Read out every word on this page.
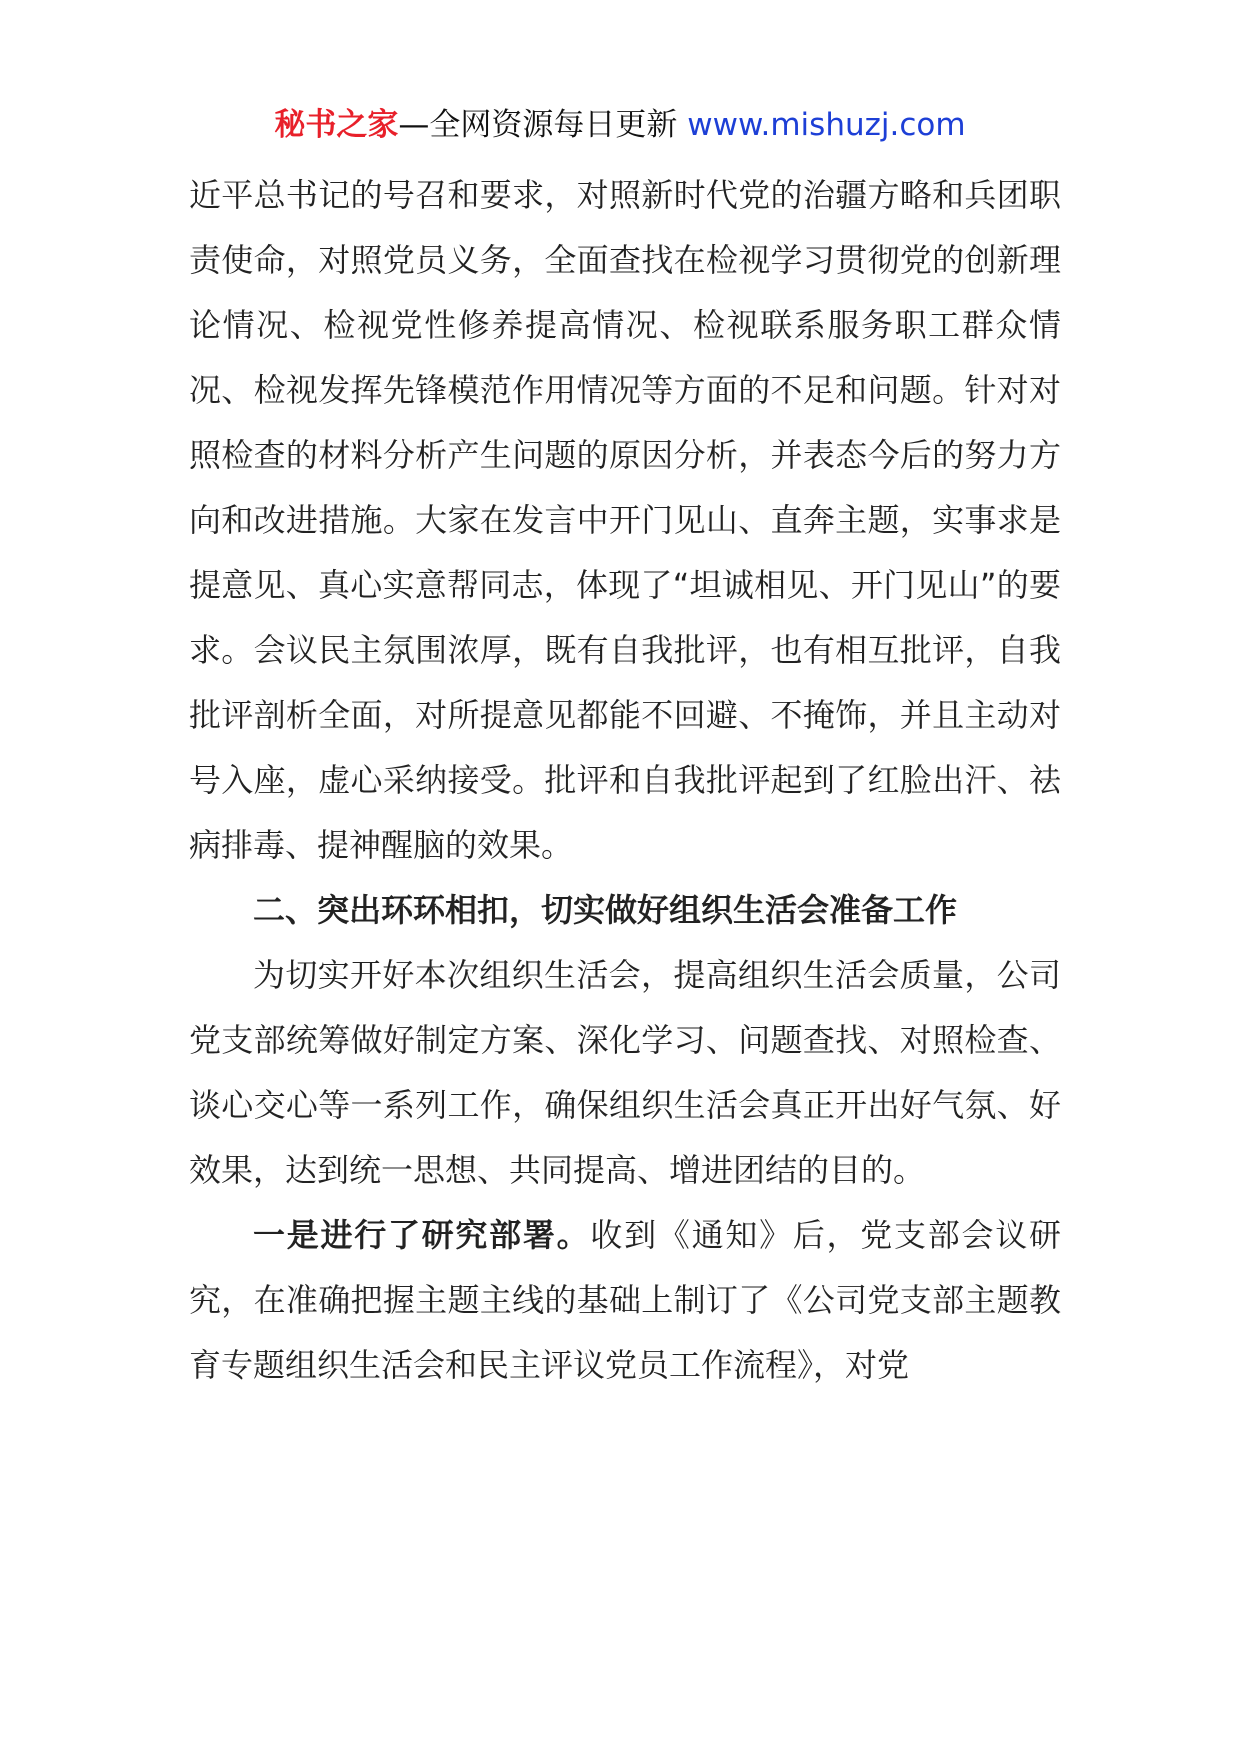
秘书之家—全网资源每日更新 www.mishuzj.com

近平总书记的号召和要求，对照新时代党的治疆方略和兵团职责使命，对照党员义务，全面查找在检视学习贯彻党的创新理论情况、检视党性修养提高情况、检视联系服务职工群众情况、检视发挥先锋模范作用情况等方面的不足和问题。针对对照检查的材料分析产生问题的原因分析，并表态今后的努力方向和改进措施。大家在发言中开门见山、直奔主题，实事求是提意见、真心实意帮同志，体现了“坦诚相见、开门见山”的要求。会议民主氛围浓厚，既有自我批评，也有相互批评，自我批评剖析全面，对所提意见都能不回避、不掩饰，并且主动对号入座，虚心采纳接受。批评和自我批评起到了红脸出汗、祛病排毒、提神醒脑的效果。

二、突出环环相扣，切实做好组织生活会准备工作

为切实开好本次组织生活会，提高组织生活会质量，公司党支部统筹做好制定方案、深化学习、问题查找、对照检查、谈心交心等一系列工作，确保组织生活会真正开出好气氛、好效果，达到统一思想、共同提高、增进团结的目的。

一是进行了研究部署。收到《通知》后，党支部会议研究，在准确把握主题主线的基础上制订了《公司党支部主题教育专题组织生活会和民主评议党员工作流程》，对党
